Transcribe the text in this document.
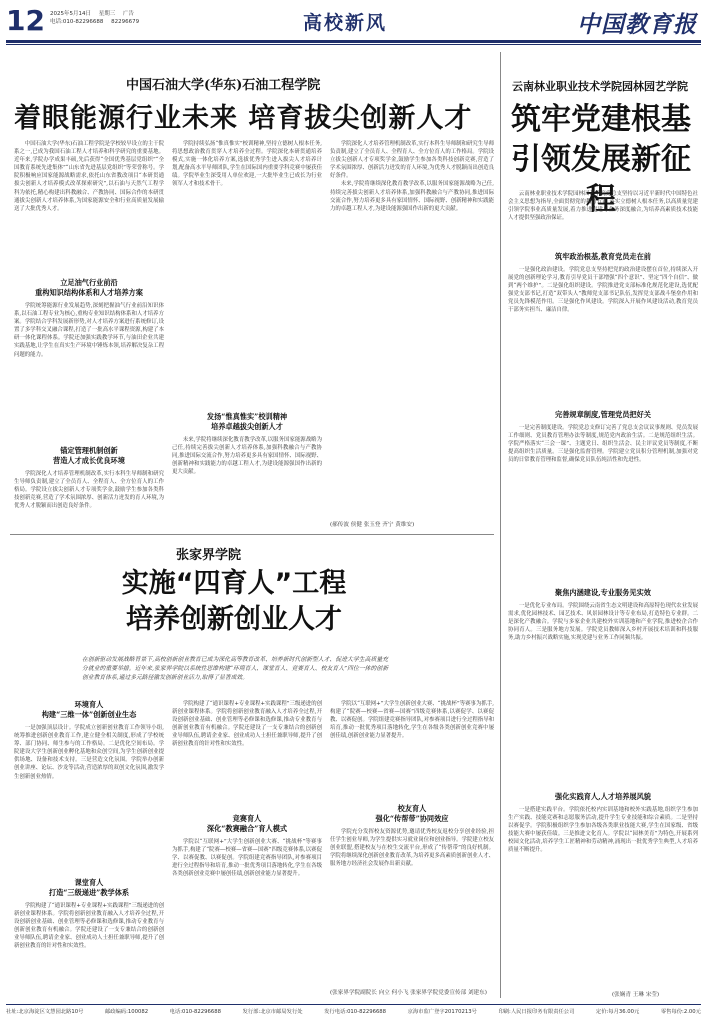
12 2025年5月14日 星期三 广告
电话:010-82296688 82296679	高校新风	中国教育报
中国石油大学(华东)石油工程学院
着眼能源行业未来 培育拔尖创新人才

中国石油大学(华东)石油工程学院是学校较早设立的主干院系之一,已成为我国石油工程人才培养和科学研究的重要基地。近年来,学院办学成果丰硕,先后获得“全国优秀基层党组织”“全国教育系统先进集体”“山东省先进基层党组织”等荣誉称号。学院积极响应国家能源战略需求,依托山东省教改项目“本研贯通拔尖创新人才培养模式改革探索研究”,以石油与天然气工程学科为依托,精心构建出科教融合、产教协同、国际合作的本研贯通拔尖创新人才培养体系,为国家能源安全和行业高质量发展输送了大批优秀人才。

立足油气行业前沿
重构知识结构体系和人才培养方案

学院统筹能源行业发展趋势,深刻把握油气行业前沿知识体系,以石油工程专业为核心,重构专业知识结构体系和人才培养方案。学院结合学科发展新形势,对人才培养方案进行系统修订,设置了多学科交叉融合课程,打造了一批高水平课程资源,构建了本研一体化课程体系。学院还加强实践教学环节,与油田企业共建实践基地,让学生在真实生产环境中锤炼本领,培养解决复杂工程问题的能力。

锚定管理机制创新
营造人才成长优良环境

学院深化人才培养管理机制改革,实行本科生导师制和研究生导师负责制,建立了全员育人、全程育人、全方位育人的工作格局。学院设立拔尖创新人才专项奖学金,鼓励学生参加各类科技创新竞赛,营造了学术氛围浓厚、创新活力迸发的育人环境,为优秀人才脱颖而出创造良好条件。

学院持续弘扬“惟真惟实”校训精神,坚持立德树人根本任务,将思想政治教育贯穿人才培养全过程。学院深化本研贯通培养模式,实施一体化培养方案,选拔优秀学生进入拔尖人才培养计划,配备高水平导师团队,学生在国际国内重要学科竞赛中屡获佳绩。学院毕业生深受用人单位欢迎,一大批毕业生已成长为行业领军人才和技术骨干。

发扬“惟真惟实”校训精神
培养卓越拔尖创新人才

未来,学院将继续深化教育教学改革,以服务国家能源战略为己任,持续完善拔尖创新人才培养体系,加强科教融合与产教协同,推进国际交流合作,努力培养更多具有家国情怀、国际视野、创新精神和实践能力的卓越工程人才,为建设能源强国作出新的更大贡献。

学院深化人才培养管理机制改革,实行本科生导师制和研究生导师负责制,建立了全员育人、全程育人、全方位育人的工作格局。学院设立拔尖创新人才专项奖学金,鼓励学生参加各类科技创新竞赛,营造了学术氛围浓厚、创新活力迸发的育人环境,为优秀人才脱颖而出创造良好条件。

未来,学院将继续深化教育教学改革,以服务国家能源战略为己任,持续完善拔尖创新人才培养体系,加强科教融合与产教协同,推进国际交流合作,努力培养更多具有家国情怀、国际视野、创新精神和实践能力的卓越工程人才,为建设能源强国作出新的更大贡献。

(郝传波 侯健 张玉登 齐宁 黄维安)
云南林业职业技术学院园林园艺学院
筑牢党建根基
引领发展新征程

云南林业职业技术学院园林园艺学院党总支坚持以习近平新时代中国特色社会主义思想为指导,全面贯彻党的教育方针,落实立德树人根本任务,以高质量党建引领学院事业高质量发展,着力推进党建与业务深度融合,为培养高素质技术技能人才提供坚强政治保证。

筑牢政治根基,教育党员走在前

一是强化政治建设。学院党总支坚持把党的政治建设摆在首位,持续深入开展党的创新理论学习,教育引导党员干部增强“四个意识”、坚定“四个自信”、做到“两个维护”。二是强化组织建设。学院推进党支部标准化规范化建设,选优配强党支部书记,打造“双带头人”教师党支部书记队伍,发挥党支部战斗堡垒作用和党员先锋模范作用。三是强化作风建设。学院深入开展作风建设活动,教育党员干部务实担当、廉洁自律。

完善规章制度,管理党员把好关

一是完善制度建设。学院党总支修订完善了党总支会议议事规则、党员发展工作细则、党员教育管理办法等制度,规范党内政治生活。二是规范组织生活。学院严格落实“三会一课”、主题党日、组织生活会、民主评议党员等制度,不断提高组织生活质量。三是强化监督管理。学院建立党员积分管理机制,加强对党员的日常教育管理和监督,确保党员队伍纯洁性和先进性。

聚焦内涵建设,专业服务见实效

一是优化专业布局。学院围绕云南省生态文明建设和高原特色现代农业发展需求,优化园林技术、园艺技术、风景园林设计等专业布局,打造特色专业群。二是深化产教融合。学院与多家企业共建校外实训基地和产业学院,推进校企合作协同育人。三是服务地方发展。学院党员教师深入乡村开展技术培训和科技服务,助力乡村振兴战略实施,实现党建与业务工作同频共振。

强化实践育人,人才培养展风貌

一是搭建实践平台。学院依托校内实训基地和校外实践基地,组织学生参加生产实践、技能竞赛和志愿服务活动,提升学生专业技能和综合素质。二是坚持以赛促学。学院积极组织学生参加各级各类职业技能大赛,学生在国家级、省级技能大赛中屡获佳绩。三是推进文化育人。学院以“园林美育”为特色,开展系列校园文化活动,培养学生工匠精神和劳动精神,涌现出一批优秀学生典型,人才培养质量不断提升。

(张娴青 王琳 宋莹)
张家界学院
实施“四育人”工程
培养创新创业人才
在创新驱动发展战略背景下,高校创新创业教育已成为深化高等教育改革、培养新时代创新型人才、促进大学生高质量充分就业的重要举措。近年来,张家界学院以系统性思维构建“环境育人、课堂育人、竞赛育人、校友育人”四位一体的创新创业教育体系,通过多元路径激发创新创业活力,取得了显著成效。
环境育人
构建“三维一体”创新创业生态

一是加强顶层设计。学院成立创新创业教育工作领导小组,统筹推进创新创业教育工作,建立健全相关制度,形成了学校统筹、部门协同、师生参与的工作格局。二是优化空间布局。学院建设大学生创新创业孵化基地和众创空间,为学生创新创业提供场地、设备和技术支持。三是营造文化氛围。学院举办创新创业讲座、论坛、沙龙等活动,营造浓厚的双创文化氛围,激发学生创新创业热情。

课堂育人
打造“三级递进”教学体系

学院构建了“通识课程+专业课程+实践课程”三级递进的创新创业课程体系。学院将创新创业教育融入人才培养全过程,开设创新创业基础、创业管理等必修课和选修课,推动专业教育与创新创业教育有机融合。学院还建设了一支专兼结合的创新创业导师队伍,聘请企业家、创业成功人士担任兼职导师,提升了创新创业教育的针对性和实效性。

学院构建了“通识课程+专业课程+实践课程”三级递进的创新创业课程体系。学院将创新创业教育融入人才培养全过程,开设创新创业基础、创业管理等必修课和选修课,推动专业教育与创新创业教育有机融合。学院还建设了一支专兼结合的创新创业导师队伍,聘请企业家、创业成功人士担任兼职导师,提升了创新创业教育的针对性和实效性。

竞赛育人
深化“教赛融合”育人模式

学院以“互联网+”大学生创新创业大赛、“挑战杯”等赛事为抓手,构建了“院赛—校赛—省赛—国赛”四级竞赛体系,以赛促学、以赛促教、以赛促创。学院组建竞赛指导团队,对参赛项目进行全过程指导和培育,推动一批优秀项目落地转化,学生在各级各类创新创业竞赛中屡创佳绩,创新创业能力显著提升。

学院以“互联网+”大学生创新创业大赛、“挑战杯”等赛事为抓手,构建了“院赛—校赛—省赛—国赛”四级竞赛体系,以赛促学、以赛促教、以赛促创。学院组建竞赛指导团队,对参赛项目进行全过程指导和培育,推动一批优秀项目落地转化,学生在各级各类创新创业竞赛中屡创佳绩,创新创业能力显著提升。

校友育人
强化“传帮带”协同效应

学院充分发挥校友资源优势,邀请优秀校友返校分享创业经验,担任学生创业导师,为学生提供实习就业岗位和创业指导。学院建立校友创业联盟,搭建校友与在校生交流平台,形成了“传帮带”的良好机制。学院将继续深化创新创业教育改革,为培养更多高素质创新创业人才、服务地方经济社会发展作出新贡献。

(张家界学院副院长 向立 何小飞 张家界学院党委宣传部 刘建东)
社址:北京海淀区文慧园北路10号	邮政编码:100082	电话:010-82296688	发行部:北京市邮局发行处	发行电话:010-82296688	京海市监广登字20170213号	印刷:人民日报印务有限责任公司	定价:每月36.00元	零售每份:2.00元
